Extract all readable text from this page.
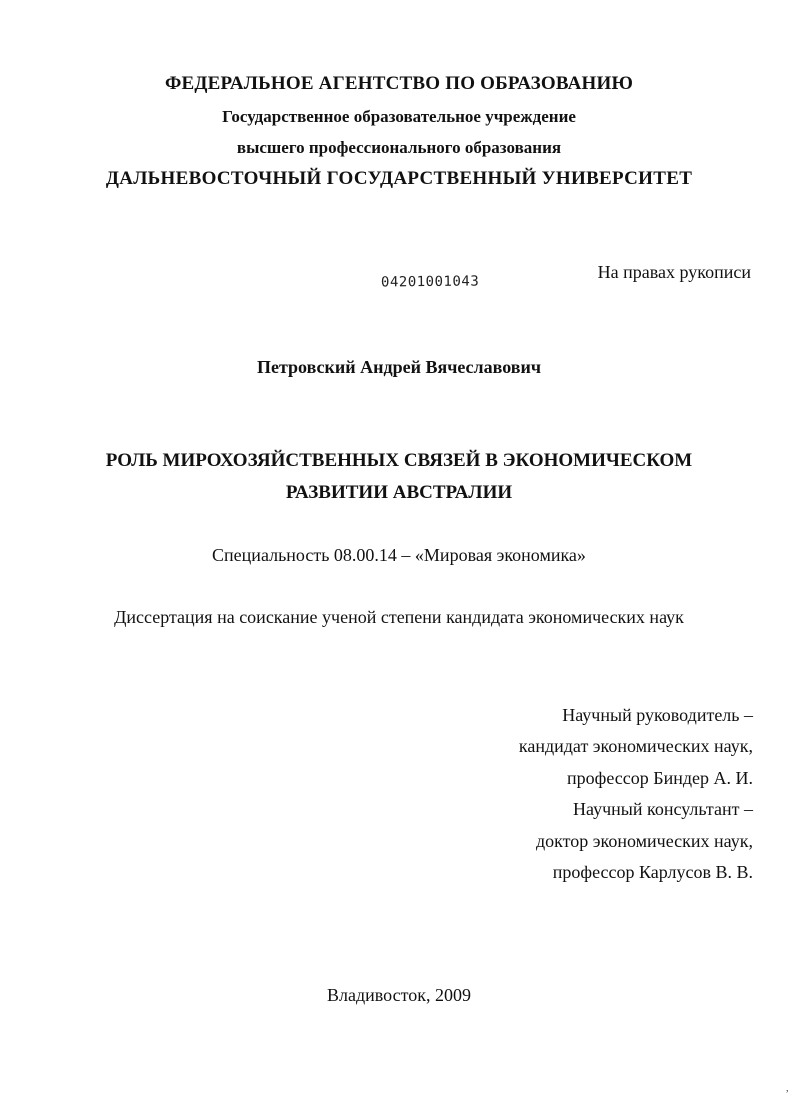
ФЕДЕРАЛЬНОЕ АГЕНТСТВО ПО ОБРАЗОВАНИЮ
Государственное образовательное учреждение
высшего профессионального образования
ДАЛЬНЕВОСТОЧНЫЙ ГОСУДАРСТВЕННЫЙ УНИВЕРСИТЕТ
04201001043	На правах рукописи
Петровский Андрей Вячеславович
РОЛЬ МИРОХОЗЯЙСТВЕННЫХ СВЯЗЕЙ В ЭКОНОМИЧЕСКОМ
РАЗВИТИИ АВСТРАЛИИ
Специальность 08.00.14 – «Мировая экономика»
Диссертация на соискание ученой степени кандидата экономических наук
Научный руководитель –
кандидат экономических наук,
профессор Биндер А. И.
Научный консультант –
доктор экономических наук,
профессор Карлусов В. В.
Владивосток, 2009
,
